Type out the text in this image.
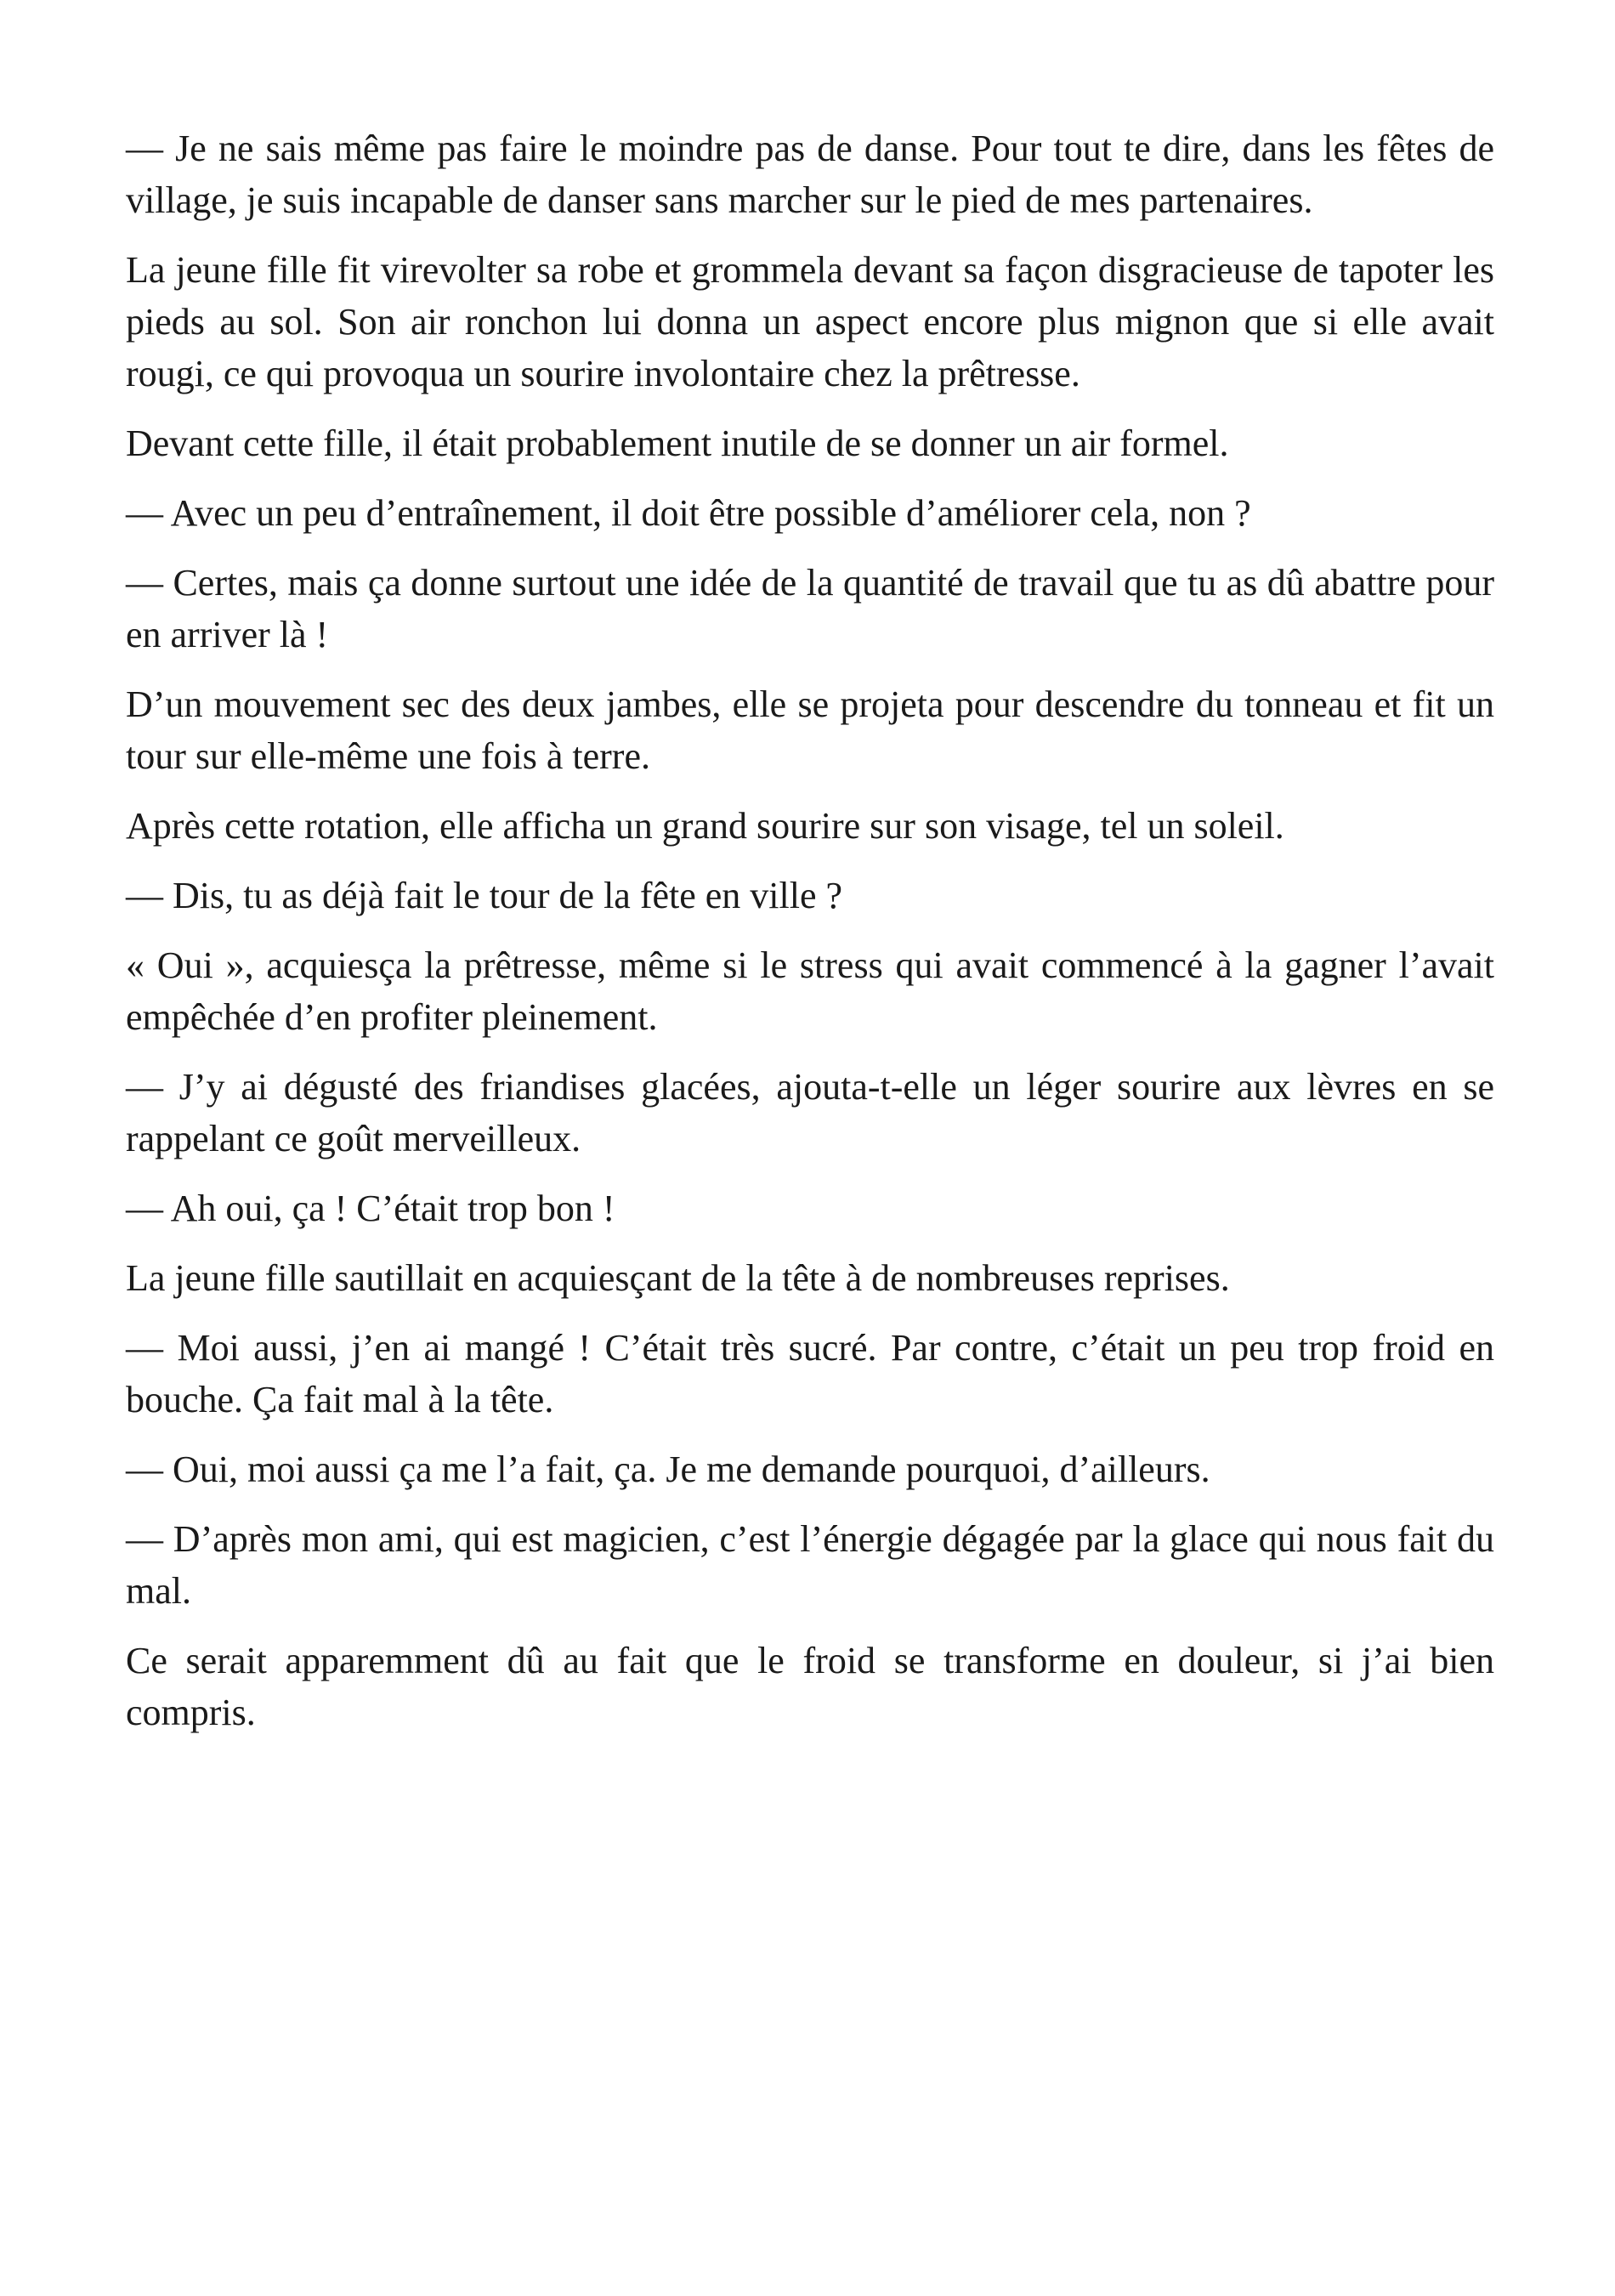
— Je ne sais même pas faire le moindre pas de danse. Pour tout te dire, dans les fêtes de village, je suis incapable de danser sans marcher sur le pied de mes partenaires.

La jeune fille fit virevolter sa robe et grommela devant sa façon disgracieuse de tapoter les pieds au sol. Son air ronchon lui donna un aspect encore plus mignon que si elle avait rougi, ce qui provoqua un sourire involontaire chez la prêtresse.

Devant cette fille, il était probablement inutile de se donner un air formel.

— Avec un peu d’entraînement, il doit être possible d’améliorer cela, non ?

— Certes, mais ça donne surtout une idée de la quantité de travail que tu as dû abattre pour en arriver là !

D’un mouvement sec des deux jambes, elle se projeta pour descendre du tonneau et fit un tour sur elle-même une fois à terre.

Après cette rotation, elle afficha un grand sourire sur son visage, tel un soleil.

— Dis, tu as déjà fait le tour de la fête en ville ?

« Oui », acquiesça la prêtresse, même si le stress qui avait commencé à la gagner l’avait empêchée d’en profiter pleinement.

— J’y ai dégusté des friandises glacées, ajouta-t-elle un léger sourire aux lèvres en se rappelant ce goût merveilleux.

— Ah oui, ça ! C’était trop bon !

La jeune fille sautillait en acquiesçant de la tête à de nombreuses reprises.

— Moi aussi, j’en ai mangé ! C’était très sucré. Par contre, c’était un peu trop froid en bouche. Ça fait mal à la tête.

— Oui, moi aussi ça me l’a fait, ça. Je me demande pourquoi, d’ailleurs.

— D’après mon ami, qui est magicien, c’est l’énergie dégagée par la glace qui nous fait du mal.

Ce serait apparemment dû au fait que le froid se transforme en douleur, si j’ai bien compris.
